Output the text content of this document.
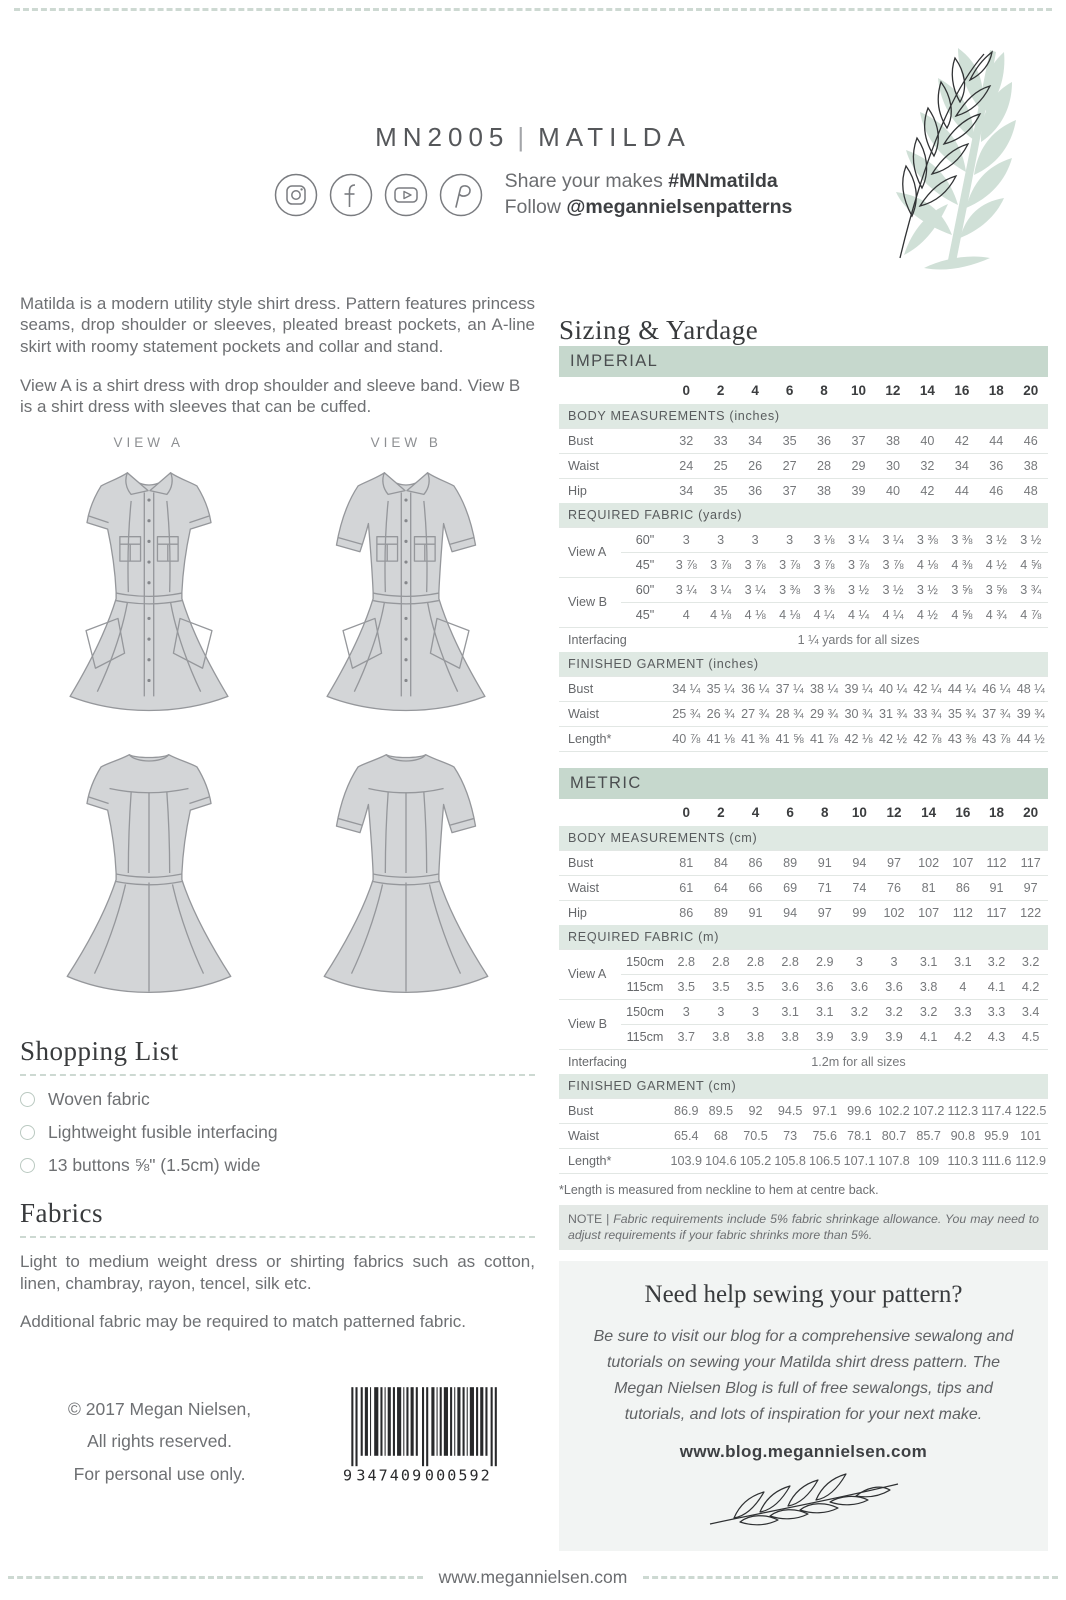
MN2005 | MATILDA
Share your makes #MNmatilda
Follow @megannielsenpatterns

Matilda is a modern utility style shirt dress. Pattern features princess seams, drop shoulder or sleeves, pleated breast pockets, an A-line skirt with roomy statement pockets and collar and stand.

View A is a shirt dress with drop shoulder and sleeve band. View B is a shirt dress with sleeves that can be cuffed.

VIEW A	VIEW B
Shopping List
Woven fabric
Lightweight fusible interfacing
13 buttons ⅝" (1.5cm) wide
Fabrics

Light to medium weight dress or shirting fabrics such as cotton, linen, chambray, rayon, tencel, silk etc.

Additional fabric may be required to match patterned fabric.

© 2017 Megan Nielsen,
All rights reserved.
For personal use only.	9 347409 000592
Sizing & Yardage
IMPERIAL												
		0	2	4	6	8	10	12	14	16	18	20
BODY MEASUREMENTS (inches)												
Bust		32	33	34	35	36	37	38	40	42	44	46
Waist		24	25	26	27	28	29	30	32	34	36	38
Hip		34	35	36	37	38	39	40	42	44	46	48
REQUIRED FABRIC (yards)												
View A	60"	3	3	3	3	3 ⅛	3 ¼	3 ¼	3 ⅜	3 ⅜	3 ½	3 ½
	45"	3 ⅞	3 ⅞	3 ⅞	3 ⅞	3 ⅞	3 ⅞	3 ⅞	4 ⅛	4 ⅜	4 ½	4 ⅝
View B	60"	3 ¼	3 ¼	3 ¼	3 ⅜	3 ⅜	3 ½	3 ½	3 ½	3 ⅝	3 ⅝	3 ¾
	45"	4	4 ⅛	4 ⅛	4 ⅛	4 ¼	4 ¼	4 ¼	4 ½	4 ⅝	4 ¾	4 ⅞
Interfacing		1 ¼ yards for all sizes										
FINISHED GARMENT (inches)												
Bust		34 ¼	35 ¼	36 ¼	37 ¼	38 ¼	39 ¼	40 ¼	42 ¼	44 ¼	46 ¼	48 ¼
Waist		25 ¾	26 ¾	27 ¾	28 ¾	29 ¾	30 ¾	31 ¾	33 ¾	35 ¾	37 ¾	39 ¾
Length*		40 ⅞	41 ⅛	41 ⅜	41 ⅝	41 ⅞	42 ⅛	42 ½	42 ⅞	43 ⅜	43 ⅞	44 ½
METRIC												
		0	2	4	6	8	10	12	14	16	18	20
BODY MEASUREMENTS (cm)												
Bust		81	84	86	89	91	94	97	102	107	112	117
Waist		61	64	66	69	71	74	76	81	86	91	97
Hip		86	89	91	94	97	99	102	107	112	117	122
REQUIRED FABRIC (m)												
View A	150cm	2.8	2.8	2.8	2.8	2.9	3	3	3.1	3.1	3.2	3.2
	115cm	3.5	3.5	3.5	3.6	3.6	3.6	3.6	3.8	4	4.1	4.2
View B	150cm	3	3	3	3.1	3.1	3.2	3.2	3.2	3.3	3.3	3.4
	115cm	3.7	3.8	3.8	3.8	3.9	3.9	3.9	4.1	4.2	4.3	4.5
Interfacing		1.2m for all sizes										
FINISHED GARMENT (cm)												
Bust		86.9	89.5	92	94.5	97.1	99.6	102.2	107.2	112.3	117.4	122.5
Waist		65.4	68	70.5	73	75.6	78.1	80.7	85.7	90.8	95.9	101
Length*		103.9	104.6	105.2	105.8	106.5	107.1	107.8	109	110.3	111.6	112.9
*Length is measured from neckline to hem at centre back.
NOTE | Fabric requirements include 5% fabric shrinkage allowance. You may need to adjust requirements if your fabric shrinks more than 5%.
Need help sewing your pattern?

Be sure to visit our blog for a comprehensive sewalong and tutorials on sewing your Matilda shirt dress pattern. The Megan Nielsen Blog is full of free sewalongs, tips and tutorials, and lots of inspiration for your next make.

www.blog.megannielsen.com
www.megannielsen.com
